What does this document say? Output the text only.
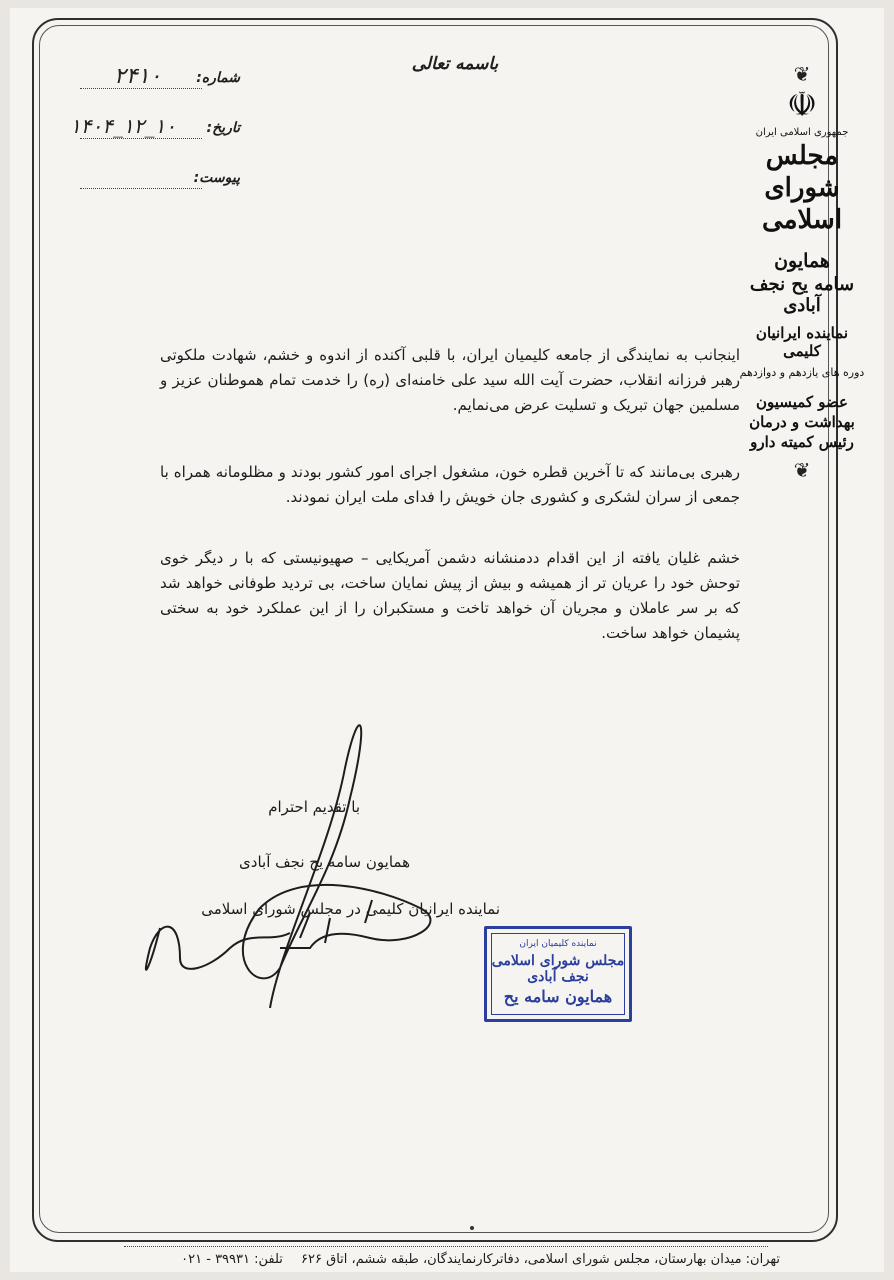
باسمه تعالی
۲۴۱۰ شماره:
۱۴۰۴_۱۲_۱۰ تاریخ:
پیوست:
❦
☫
جمهوری اسلامی ایران
مجلس شورای اسلامی
همایون
سامه یح نجف آبادی
نماینده ایرانیان کلیمی
دوره های یازدهم و دوازدهم
عضو کمیسیون
بهداشت و درمان
رئیس کمیته دارو
❦

اینجانب به نمایندگی از جامعه کلیمیان ایران، با قلبی آکنده از اندوه و خشم، شهادت ملکوتی رهبر فرزانه انقلاب، حضرت آیت الله سید علی خامنه‌ای (ره) را خدمت تمام هموطنان عزیز و مسلمین جهان تبریک و تسلیت عرض می‌نمایم.

رهبری بی‌مانند که تا آخرین قطره خون، مشغول اجرای امور کشور بودند و مظلومانه همراه با جمعی از سران لشکری و کشوری جان خویش را فدای ملت ایران نمودند.

خشم غلیان یافته از این اقدام ددمنشانه دشمن آمریکایی – صهیونیستی که با ر دیگر خوی توحش خود را عریان تر از همیشه و بیش از پیش نمایان ساخت، بی تردید طوفانی خواهد شد که بر سر عاملان و مجریان آن خواهد تاخت و مستکبران را از این عملکرد خود به سختی پشیمان خواهد ساخت.

با تقدیم احترام
همایون سامه یح نجف آبادی
نماینده ایرانیان کلیمی در مجلس شورای اسلامی
نماینده کلیمیان ایران
مجلس شورای اسلامی نجف آبادی
همایون سامه یح
تهران: میدان بهارستان، مجلس شورای اسلامی، دفاترکارنمایندگان، طبقه ششم، اتاق ۶۲۶ تلفن: ۳۹۹۳۱ - ۰۲۱
